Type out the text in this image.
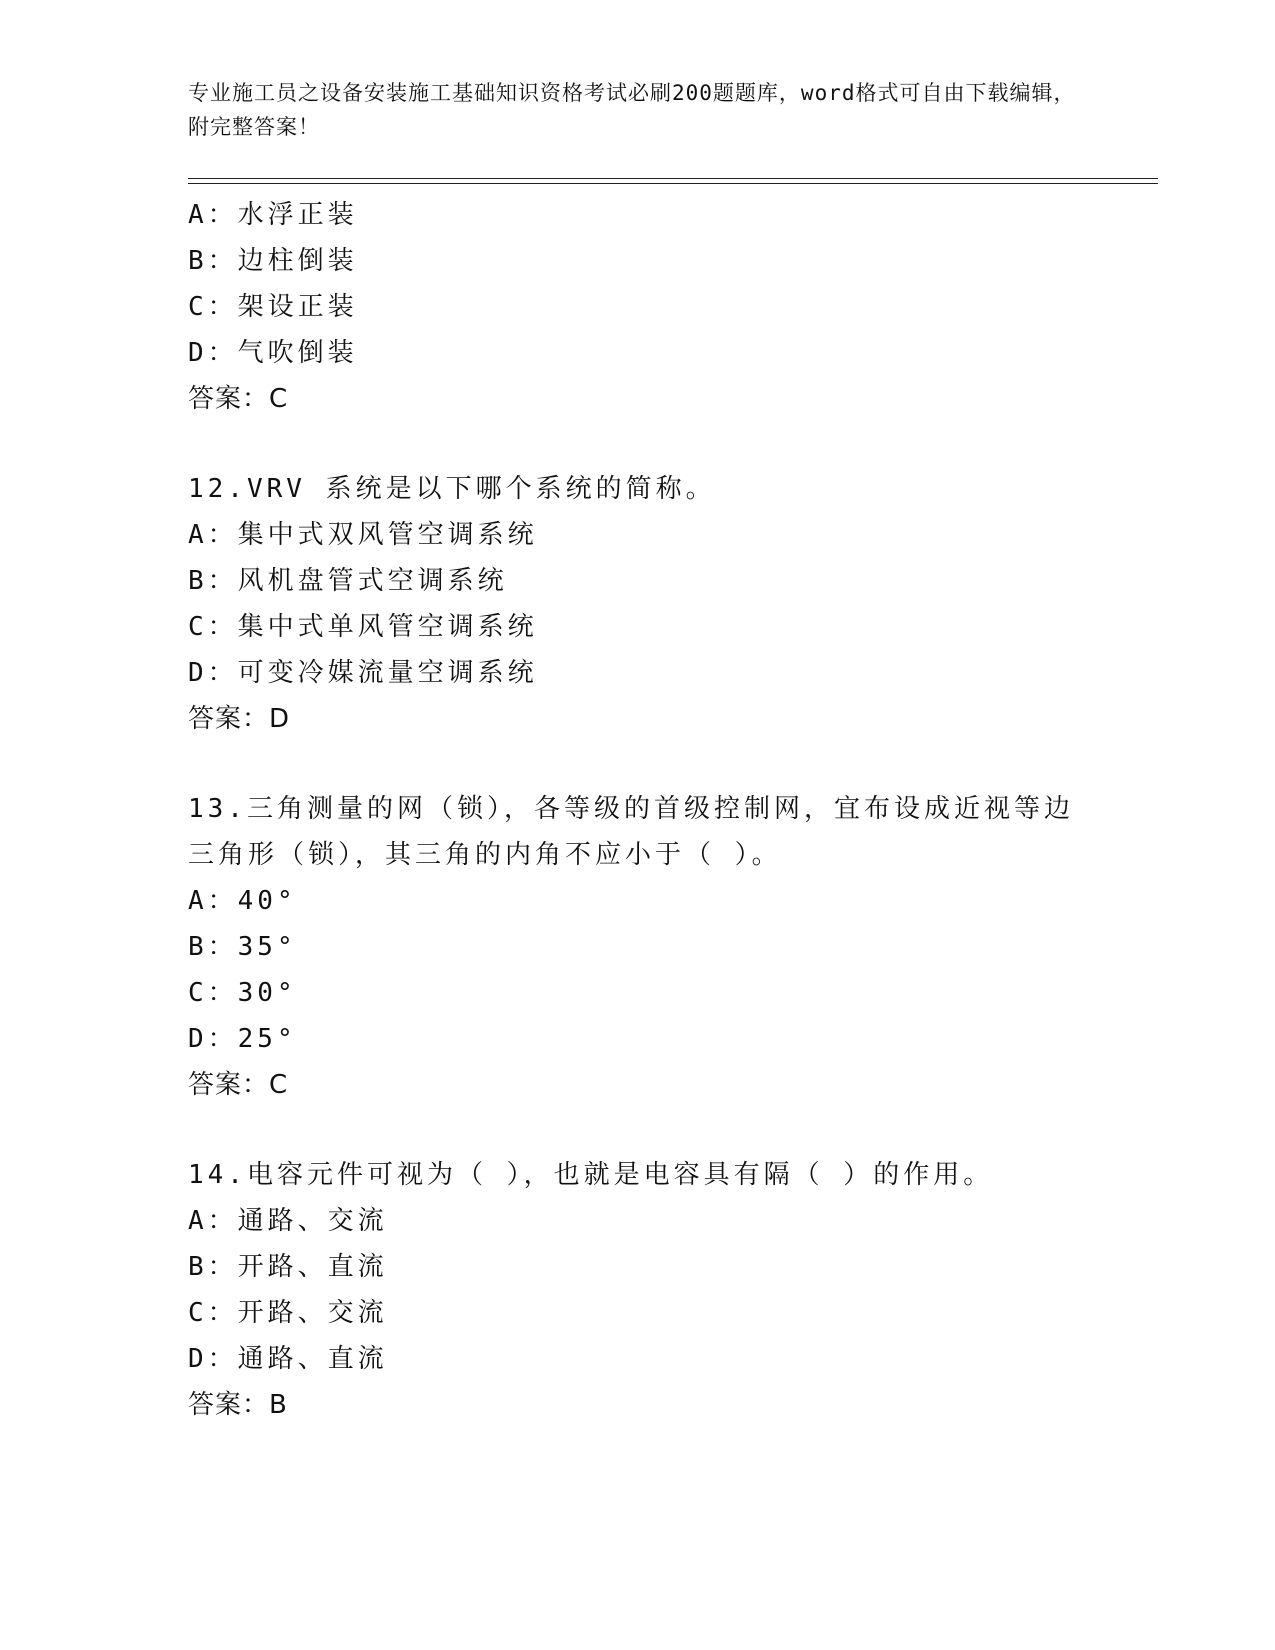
专业施工员之设备安装施工基础知识资格考试必刷200题题库，word格式可自由下载编辑，附完整答案！
A：水浮正装
B：边柱倒装
C：架设正装
D：气吹倒装
答案：C
12.VRV 系统是以下哪个系统的简称。
A：集中式双风管空调系统
B：风机盘管式空调系统
C：集中式单风管空调系统
D：可变冷媒流量空调系统
答案：D
13.三角测量的网（锁），各等级的首级控制网，宜布设成近视等边三角形（锁），其三角的内角不应小于（ ）。
A：40°
B：35°
C：30°
D：25°
答案：C
14.电容元件可视为（ ），也就是电容具有隔（ ）的作用。
A：通路、交流
B：开路、直流
C：开路、交流
D：通路、直流
答案：B
